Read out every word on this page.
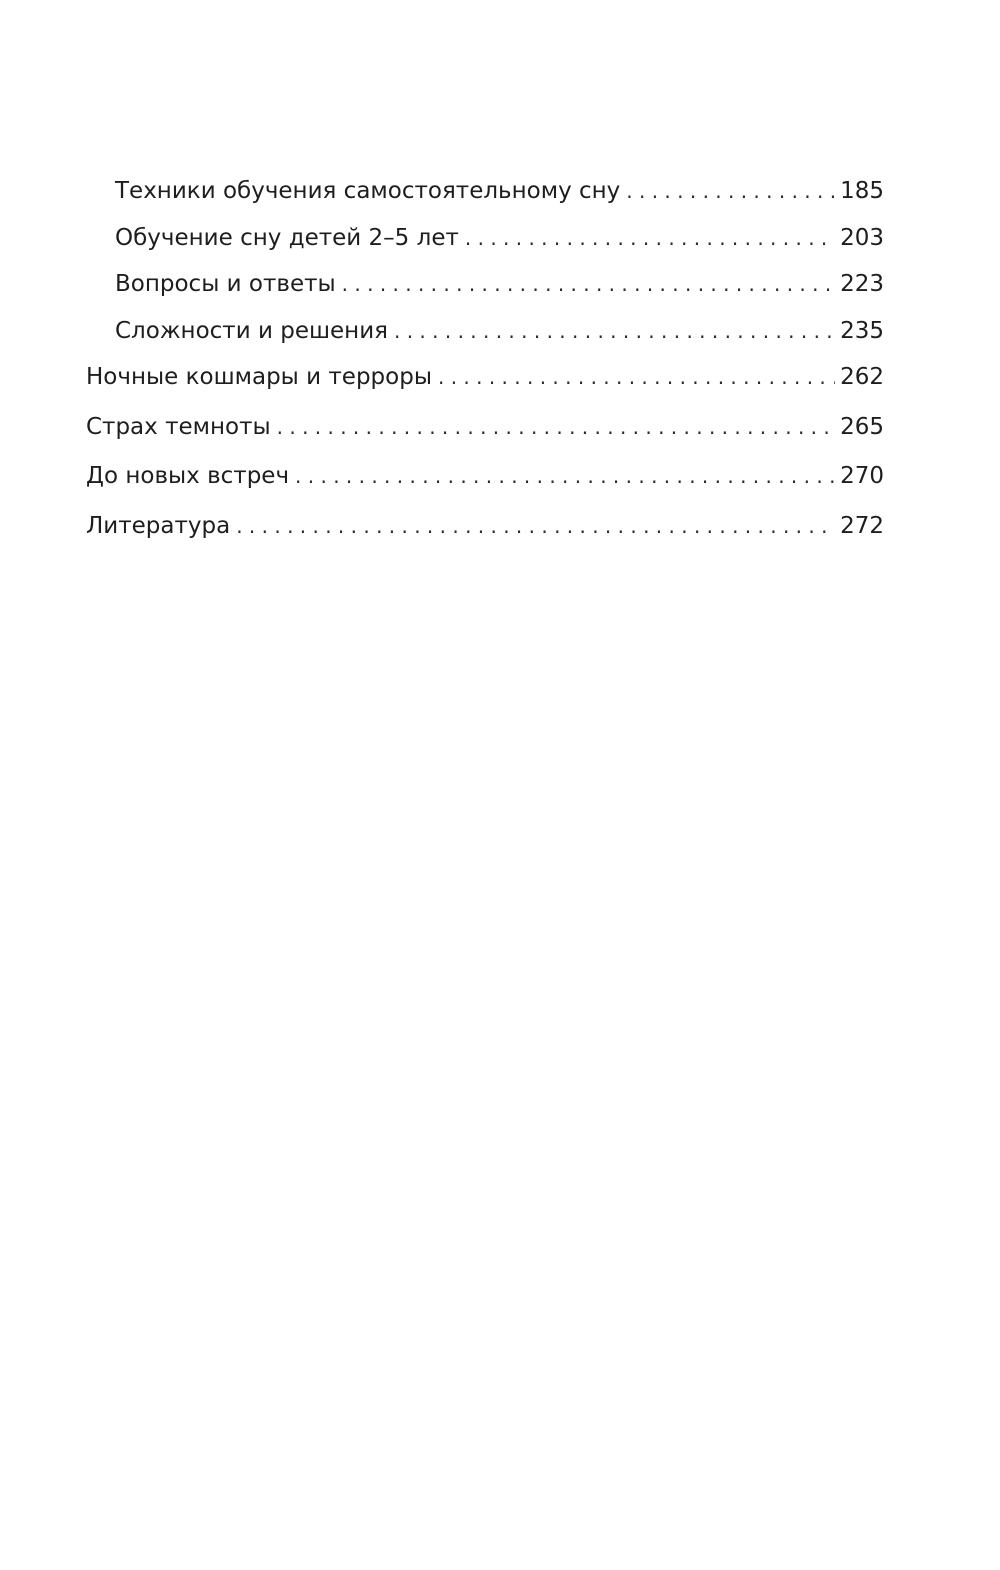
Техники обучения самостоятельному сну . . .	185
Обучение сну детей 2–5 лет . . .	203
Вопросы и ответы . . .	223
Сложности и решения . . .	235
Ночные кошмары и терроры . . .	262
Страх темноты . . .	265
До новых встреч . . .	270
Литература . . .	272
